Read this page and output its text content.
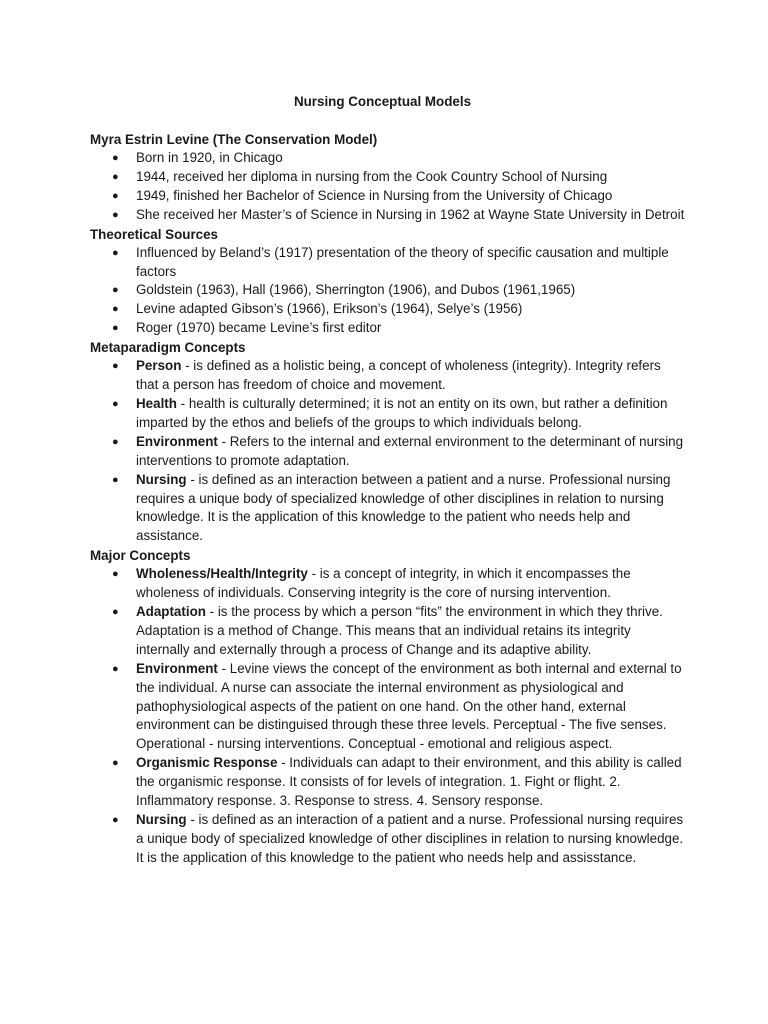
Nursing Conceptual Models
Myra Estrin Levine (The Conservation Model)
● Born in 1920, in Chicago
● 1944, received her diploma in nursing from the Cook Country School of Nursing
● 1949, finished her Bachelor of Science in Nursing from the University of Chicago
● She received her Master’s of Science in Nursing in 1962 at Wayne State University in Detroit
Theoretical Sources
● Influenced by Beland’s (1917) presentation of the theory of specific causation and multiple factors
● Goldstein (1963), Hall (1966), Sherrington (1906), and Dubos (1961,1965)
● Levine adapted Gibson’s (1966), Erikson’s (1964), Selye’s (1956)
● Roger (1970) became Levine’s first editor
Metaparadigm Concepts
● Person - is defined as a holistic being, a concept of wholeness (integrity). Integrity refers that a person has freedom of choice and movement.
● Health - health is culturally determined; it is not an entity on its own, but rather a definition imparted by the ethos and beliefs of the groups to which individuals belong.
● Environment - Refers to the internal and external environment to the determinant of nursing interventions to promote adaptation.
● Nursing - is defined as an interaction between a patient and a nurse. Professional nursing requires a unique body of specialized knowledge of other disciplines in relation to nursing knowledge. It is the application of this knowledge to the patient who needs help and assistance.
Major Concepts
● Wholeness/Health/Integrity - is a concept of integrity, in which it encompasses the wholeness of individuals. Conserving integrity is the core of nursing intervention.
● Adaptation - is the process by which a person “fits” the environment in which they thrive. Adaptation is a method of Change. This means that an individual retains its integrity internally and externally through a process of Change and its adaptive ability.
● Environment - Levine views the concept of the environment as both internal and external to the individual. A nurse can associate the internal environment as physiological and pathophysiological aspects of the patient on one hand. On the other hand, external environment can be distinguised through these three levels. Perceptual - The five senses. Operational - nursing interventions. Conceptual - emotional and religious aspect.
● Organismic Response - Individuals can adapt to their environment, and this ability is called the organismic response. It consists of for levels of integration. 1. Fight or flight. 2. Inflammatory response. 3. Response to stress. 4. Sensory response.
● Nursing - is defined as an interaction of a patient and a nurse. Professional nursing requires a unique body of specialized knowledge of other disciplines in relation to nursing knowledge. It is the application of this knowledge to the patient who needs help and assisstance.
